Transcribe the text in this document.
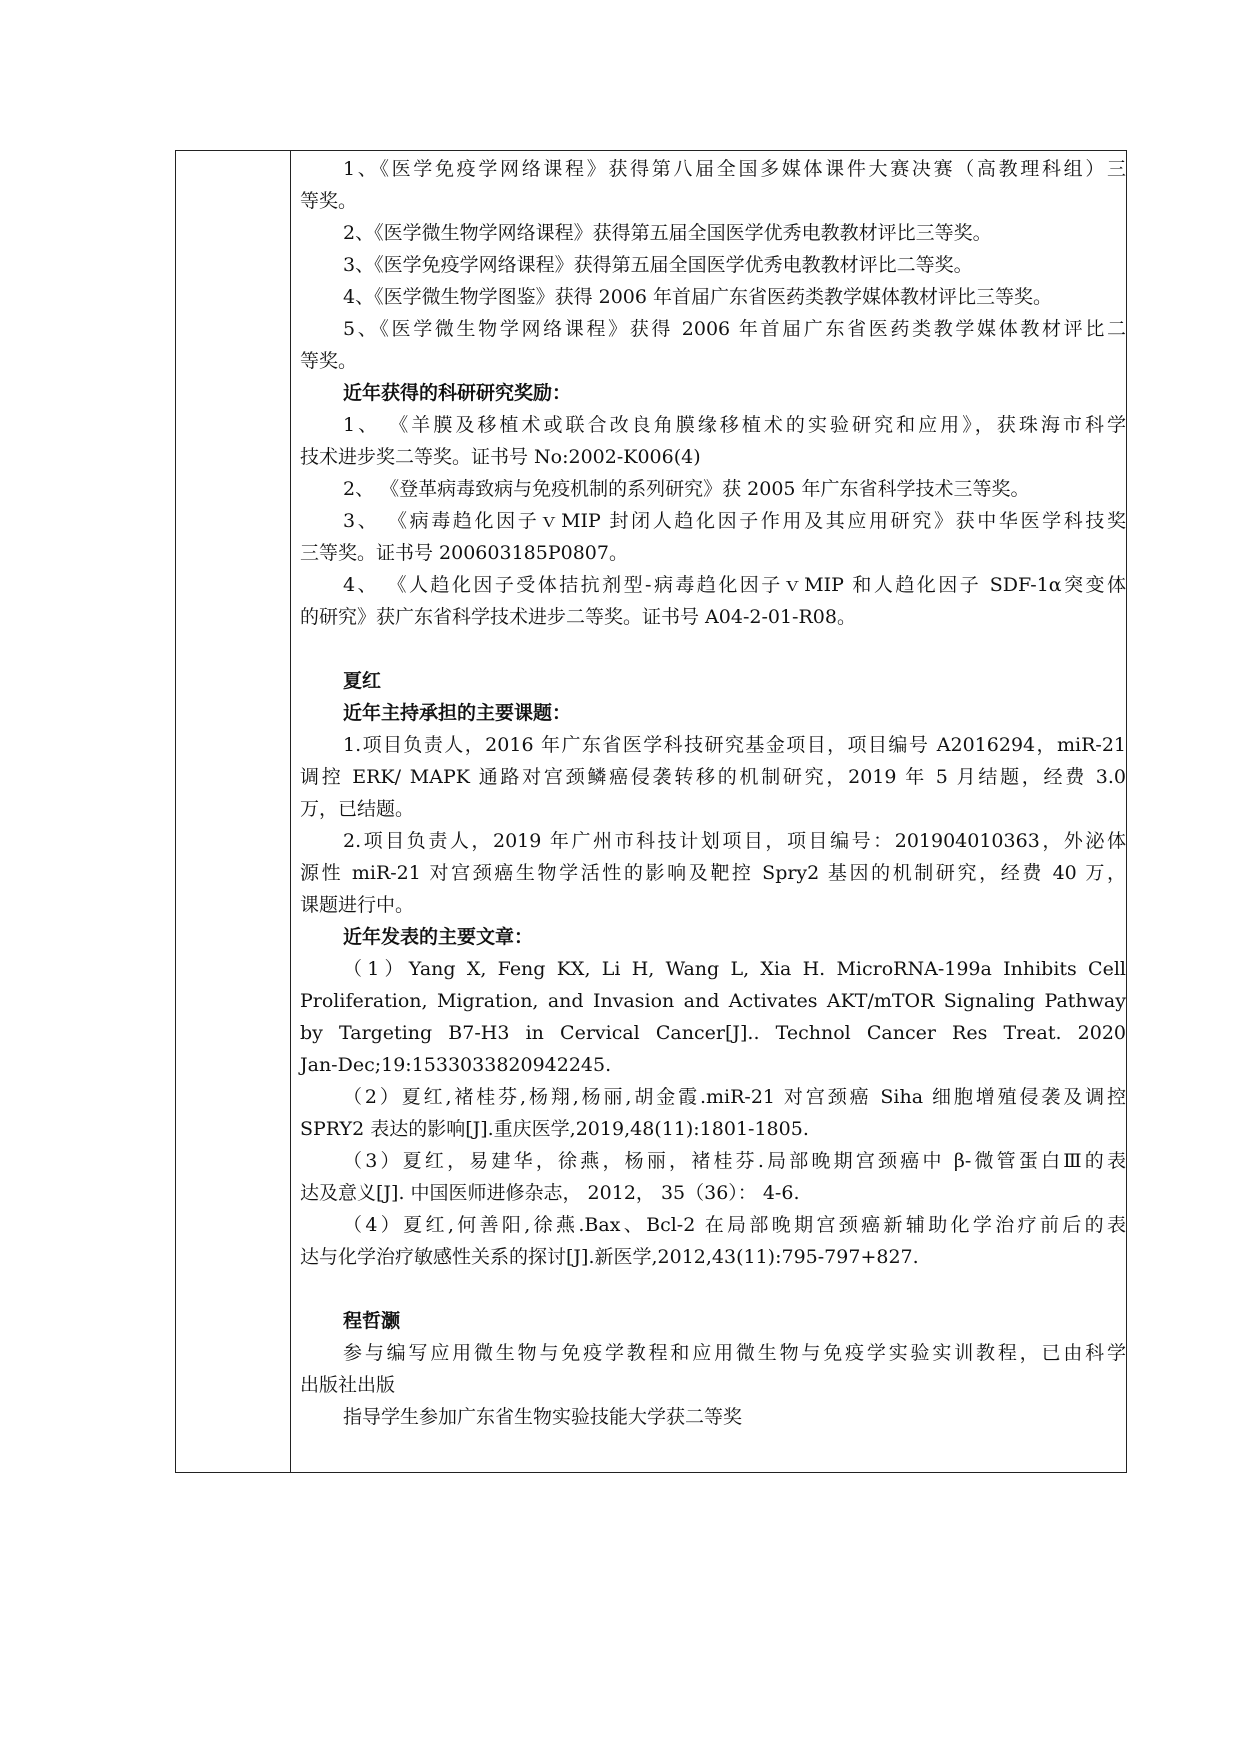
1、《医学免疫学网络课程》获得第八届全国多媒体课件大赛决赛（高教理科组）三
等奖。
2、《医学微生物学网络课程》获得第五届全国医学优秀电教教材评比三等奖。
3、《医学免疫学网络课程》获得第五届全国医学优秀电教教材评比二等奖。
4、《医学微生物学图鉴》获得 2006 年首届广东省医药类教学媒体教材评比三等奖。
5、《医学微生物学网络课程》获得 2006 年首届广东省医药类教学媒体教材评比二
等奖。
近年获得的科研研究奖励：
1、 《羊膜及移植术或联合改良角膜缘移植术的实验研究和应用》，获珠海市科学
技术进步奖二等奖。证书号 No:2002-K006(4)
2、 《登革病毒致病与免疫机制的系列研究》获 2005 年广东省科学技术三等奖。
3、 《病毒趋化因子ｖMIP 封闭人趋化因子作用及其应用研究》获中华医学科技奖
三等奖。证书号 200603185P0807。
4、 《人趋化因子受体拮抗剂型-病毒趋化因子ｖMIP 和人趋化因子 SDF-1α突变体
的研究》获广东省科学技术进步二等奖。证书号 A04-2-01-R08。
夏红
近年主持承担的主要课题：
1.项目负责人，2016 年广东省医学科技研究基金项目，项目编号 A2016294，miR-21
调控 ERK/ MAPK 通路对宫颈鳞癌侵袭转移的机制研究，2019 年 5 月结题，经费 3.0
万，已结题。
2.项目负责人，2019 年广州市科技计划项目，项目编号：201904010363，外泌体
源性 miR-21 对宫颈癌生物学活性的影响及靶控 Spry2 基因的机制研究，经费 40 万，
课题进行中。
近年发表的主要文章：
（1）Yang X, Feng KX, Li H, Wang L, Xia H. MicroRNA-199a Inhibits Cell
Proliferation, Migration, and Invasion and Activates AKT/mTOR Signaling Pathway
by Targeting B7-H3 in Cervical Cancer[J].. Technol Cancer Res Treat. 2020
Jan-Dec;19:1533033820942245.
（2）夏红,褚桂芬,杨翔,杨丽,胡金霞.miR-21 对宫颈癌 Siha 细胞增殖侵袭及调控
SPRY2 表达的影响[J].重庆医学,2019,48(11):1801-1805.
（3）夏红，易建华，徐燕，杨丽，褚桂芬.局部晚期宫颈癌中 β-微管蛋白Ⅲ的表
达及意义[J]. 中国医师进修杂志， 2012， 35（36）： 4-6.
（4）夏红,何善阳,徐燕.Bax、Bcl-2 在局部晚期宫颈癌新辅助化学治疗前后的表
达与化学治疗敏感性关系的探讨[J].新医学,2012,43(11):795-797+827.
程哲灏
参与编写应用微生物与免疫学教程和应用微生物与免疫学实验实训教程，已由科学
出版社出版
指导学生参加广东省生物实验技能大学获二等奖
